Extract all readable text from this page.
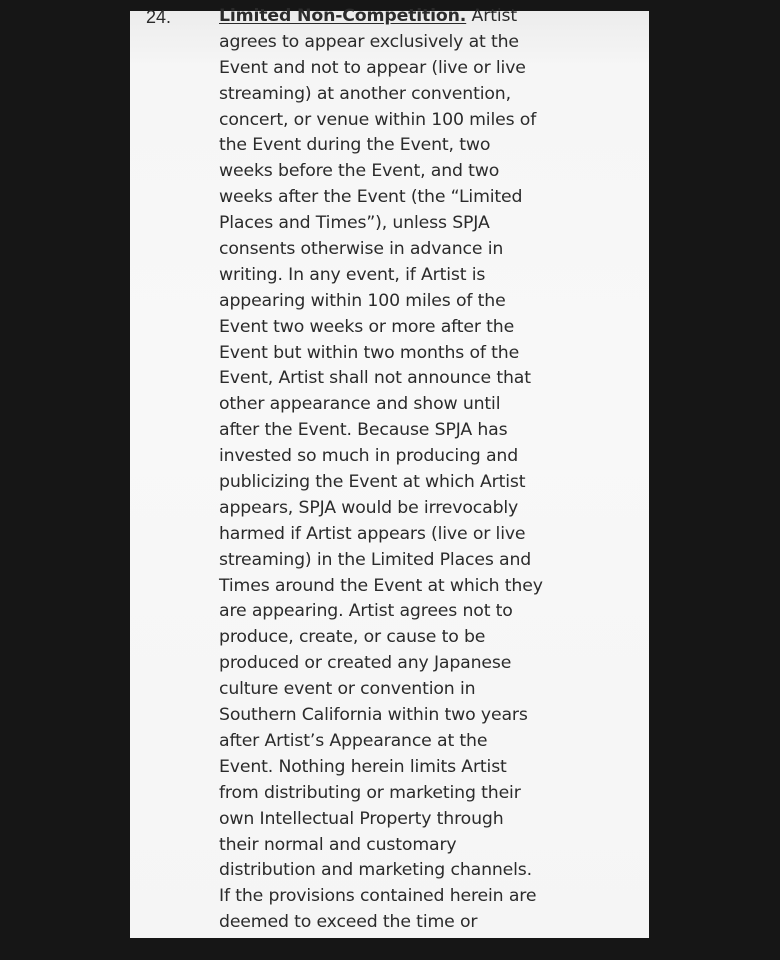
24.	Limited Non-Competition. Artist
agrees to appear exclusively at the
Event and not to appear (live or live
streaming) at another convention,
concert, or venue within 100 miles of
the Event during the Event, two
weeks before the Event, and two
weeks after the Event (the “Limited
Places and Times”), unless SPJA
consents otherwise in advance in
writing. In any event, if Artist is
appearing within 100 miles of the
Event two weeks or more after the
Event but within two months of the
Event, Artist shall not announce that
other appearance and show until
after the Event. Because SPJA has
invested so much in producing and
publicizing the Event at which Artist
appears, SPJA would be irrevocably
harmed if Artist appears (live or live
streaming) in the Limited Places and
Times around the Event at which they
are appearing. Artist agrees not to
produce, create, or cause to be
produced or created any Japanese
culture event or convention in
Southern California within two years
after Artist’s Appearance at the
Event. Nothing herein limits Artist
from distributing or marketing their
own Intellectual Property through
their normal and customary
distribution and marketing channels.
If the provisions contained herein are
deemed to exceed the time or
